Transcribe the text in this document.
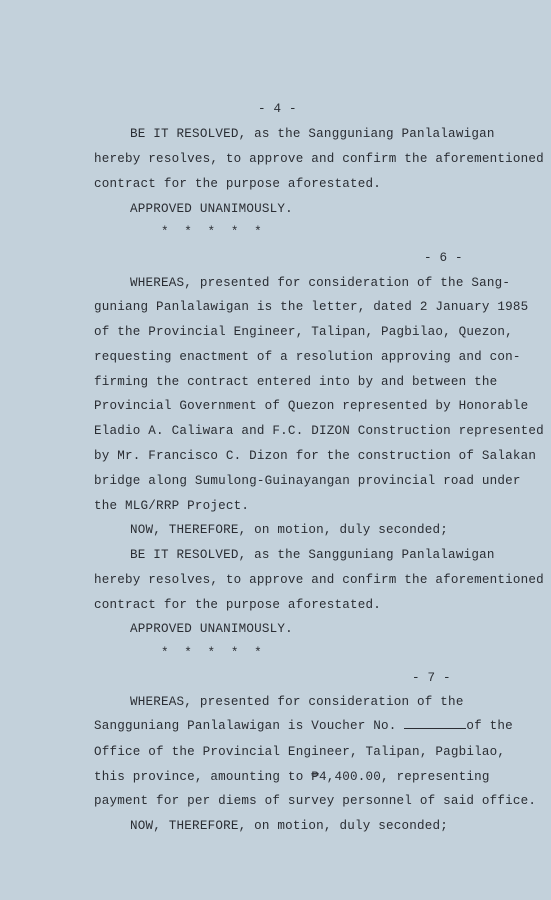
- 4 -
BE IT RESOLVED, as the Sangguniang Panlalawigan
hereby resolves, to approve and confirm the aforementioned
contract for the purpose aforestated.
APPROVED UNANIMOUSLY.
*  *  *  *  *
- 6 -
WHEREAS, presented for consideration of the Sang-
guniang Panlalawigan is the letter, dated 2 January 1985
of the Provincial Engineer, Talipan, Pagbilao, Quezon,
requesting enactment of a resolution approving and con-
firming the contract entered into by and between the
Provincial Government of Quezon represented by Honorable
Eladio A. Caliwara and F.C. DIZON Construction represented
by Mr. Francisco C. Dizon for the construction of Salakan
bridge along Sumulong-Guinayangan provincial road under
the MLG/RRP Project.
NOW, THEREFORE, on motion, duly seconded;
BE IT RESOLVED, as the Sangguniang Panlalawigan
hereby resolves, to approve and confirm the aforementioned
contract for the purpose aforestated.
APPROVED UNANIMOUSLY.
*  *  *  *  *
- 7 -
WHEREAS, presented for consideration of the
Sangguniang Panlalawigan is Voucher No.	of the
Office of the Provincial Engineer, Talipan, Pagbilao,
this province, amounting to ₱4,400.00, representing
payment for per diems of survey personnel of said office.
NOW, THEREFORE, on motion, duly seconded;
